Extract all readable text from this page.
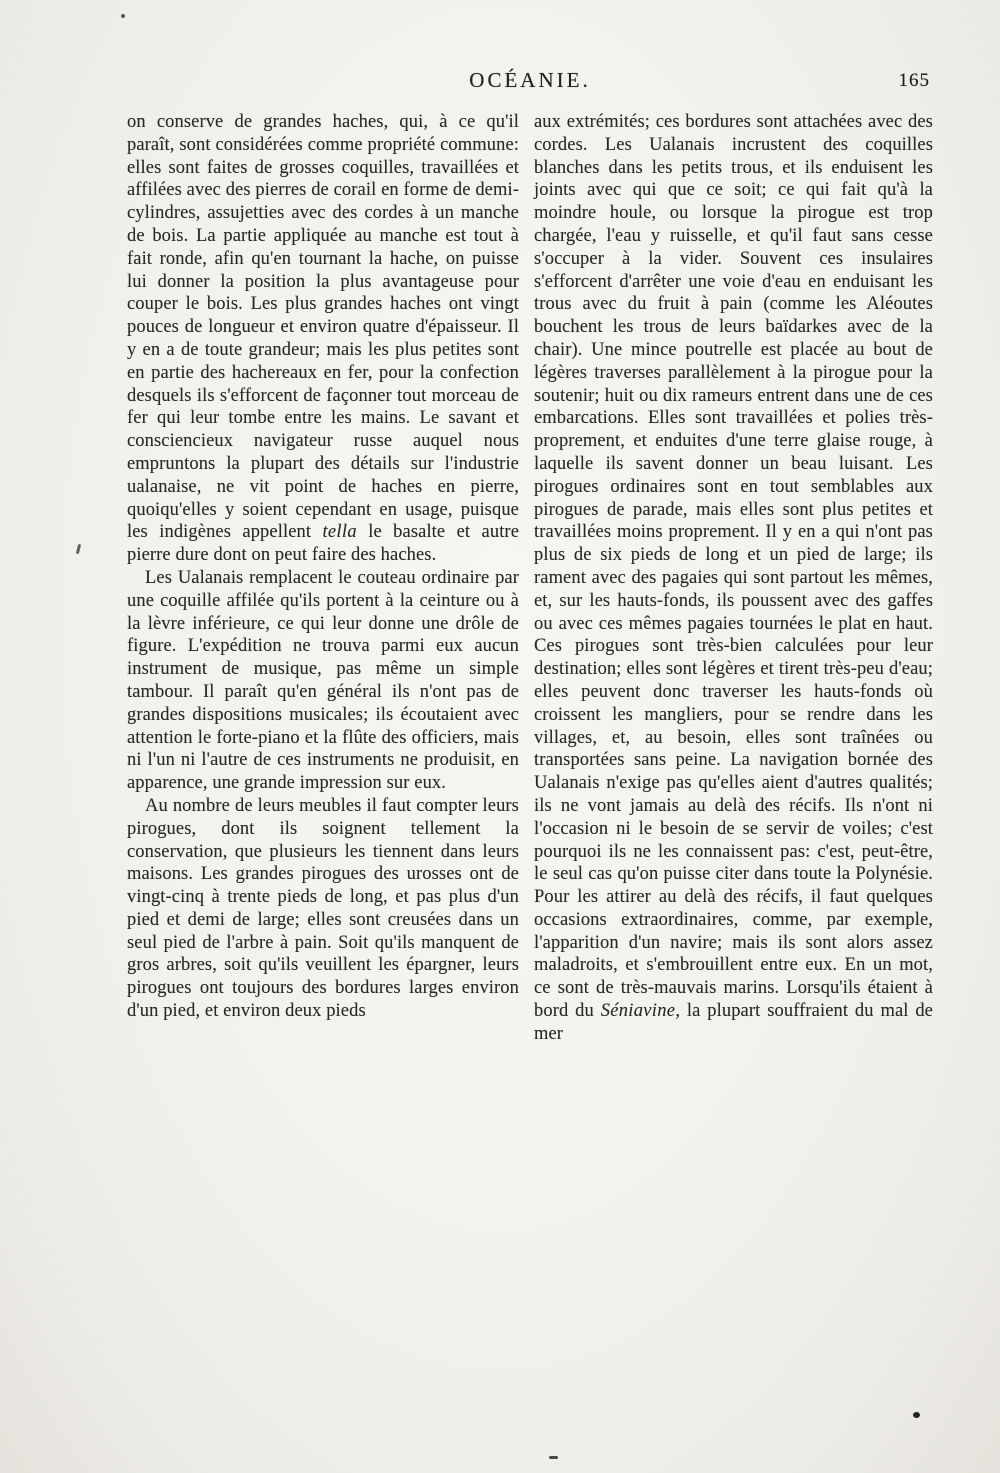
OCÉANIE.	165

on conserve de grandes haches, qui, à ce qu'il paraît, sont considérées comme propriété commune: elles sont faites de grosses coquilles, travaillées et affilées avec des pierres de corail en forme de demi-cylindres, assujetties avec des cordes à un manche de bois. La partie appliquée au manche est tout à fait ronde, afin qu'en tournant la hache, on puisse lui donner la position la plus avantageuse pour couper le bois. Les plus grandes haches ont vingt pouces de longueur et environ quatre d'épaisseur. Il y en a de toute grandeur; mais les plus petites sont en partie des hachereaux en fer, pour la confection desquels ils s'efforcent de façonner tout morceau de fer qui leur tombe entre les mains. Le savant et consciencieux navigateur russe auquel nous empruntons la plupart des détails sur l'industrie ualanaise, ne vit point de haches en pierre, quoiqu'elles y soient cependant en usage, puisque les indigènes appellent tella le basalte et autre pierre dure dont on peut faire des haches.

Les Ualanais remplacent le couteau ordinaire par une coquille affilée qu'ils portent à la ceinture ou à la lèvre inférieure, ce qui leur donne une drôle de figure. L'expédition ne trouva parmi eux aucun instrument de musique, pas même un simple tambour. Il paraît qu'en général ils n'ont pas de grandes dispositions musicales; ils écoutaient avec attention le forte-piano et la flûte des officiers, mais ni l'un ni l'autre de ces instruments ne produisit, en apparence, une grande impression sur eux.

Au nombre de leurs meubles il faut compter leurs pirogues, dont ils soignent tellement la conservation, que plusieurs les tiennent dans leurs maisons. Les grandes pirogues des urosses ont de vingt-cinq à trente pieds de long, et pas plus d'un pied et demi de large; elles sont creusées dans un seul pied de l'arbre à pain. Soit qu'ils manquent de gros arbres, soit qu'ils veuillent les épargner, leurs pirogues ont toujours des bordures larges environ d'un pied, et environ deux pieds

aux extrémités; ces bordures sont attachées avec des cordes. Les Ualanais incrustent des coquilles blanches dans les petits trous, et ils enduisent les joints avec qui que ce soit; ce qui fait qu'à la moindre houle, ou lorsque la pirogue est trop chargée, l'eau y ruisselle, et qu'il faut sans cesse s'occuper à la vider. Souvent ces insulaires s'efforcent d'arrêter une voie d'eau en enduisant les trous avec du fruit à pain (comme les Aléoutes bouchent les trous de leurs baïdarkes avec de la chair). Une mince poutrelle est placée au bout de légères traverses parallèlement à la pirogue pour la soutenir; huit ou dix rameurs entrent dans une de ces embarcations. Elles sont travaillées et polies très-proprement, et enduites d'une terre glaise rouge, à laquelle ils savent donner un beau luisant. Les pirogues ordinaires sont en tout semblables aux pirogues de parade, mais elles sont plus petites et travaillées moins proprement. Il y en a qui n'ont pas plus de six pieds de long et un pied de large; ils rament avec des pagaies qui sont partout les mêmes, et, sur les hauts-fonds, ils poussent avec des gaffes ou avec ces mêmes pagaies tournées le plat en haut. Ces pirogues sont très-bien calculées pour leur destination; elles sont légères et tirent très-peu d'eau; elles peuvent donc traverser les hauts-fonds où croissent les mangliers, pour se rendre dans les villages, et, au besoin, elles sont traînées ou transportées sans peine. La navigation bornée des Ualanais n'exige pas qu'elles aient d'autres qualités; ils ne vont jamais au delà des récifs. Ils n'ont ni l'occasion ni le besoin de se servir de voiles; c'est pourquoi ils ne les connaissent pas: c'est, peut-être, le seul cas qu'on puisse citer dans toute la Polynésie. Pour les attirer au delà des récifs, il faut quelques occasions extraordinaires, comme, par exemple, l'apparition d'un navire; mais ils sont alors assez maladroits, et s'embrouillent entre eux. En un mot, ce sont de très-mauvais marins. Lorsqu'ils étaient à bord du Séniavine, la plupart souffraient du mal de mer
